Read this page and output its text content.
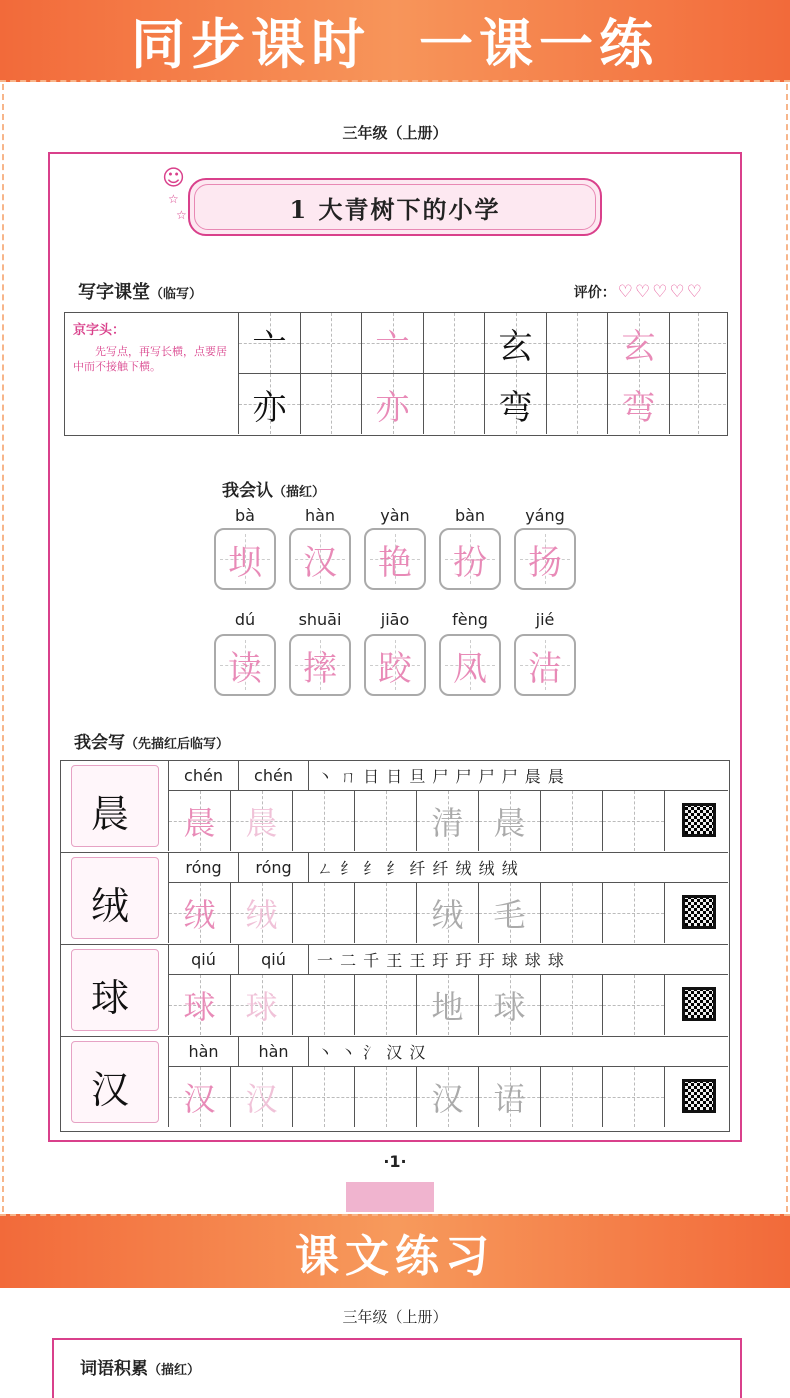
同步课时 一课一练
三年级（上册）
☺
☆
☆	1 大青树下的小学
写字课堂（临写）	评价： ♡ ♡ ♡ ♡ ♡
京字头：
先写点，再写长横，点要居中而不接触下横。	亠	亠	玄	玄
亦	亦	弯	弯
我会认（描红）
bà	hàn	yàn	bàn	yáng
坝 汉 艳 扮 扬
dú	shuāi	jiāo	fèng	jié
读 摔 跤 凤 洁
我会写（先描红后临写）
晨
chén	chén	丶 ㄇ 日 日 旦 尸 尸 尸 尸 晨 晨
晨 晨	清 晨
绒
róng	róng	ㄥ 纟 纟 纟 纤 纤 绒 绒 绒
绒 绒	绒 毛
球
qiú	qiú	一 二 千 王 王 玗 玗 玗 球 球 球
球 球	地 球
汉
hàn	hàn	丶 丶 氵 汉 汉
汉 汉	汉 语
·1·
课文练习
三年级（上册）
词语积累（描红）
